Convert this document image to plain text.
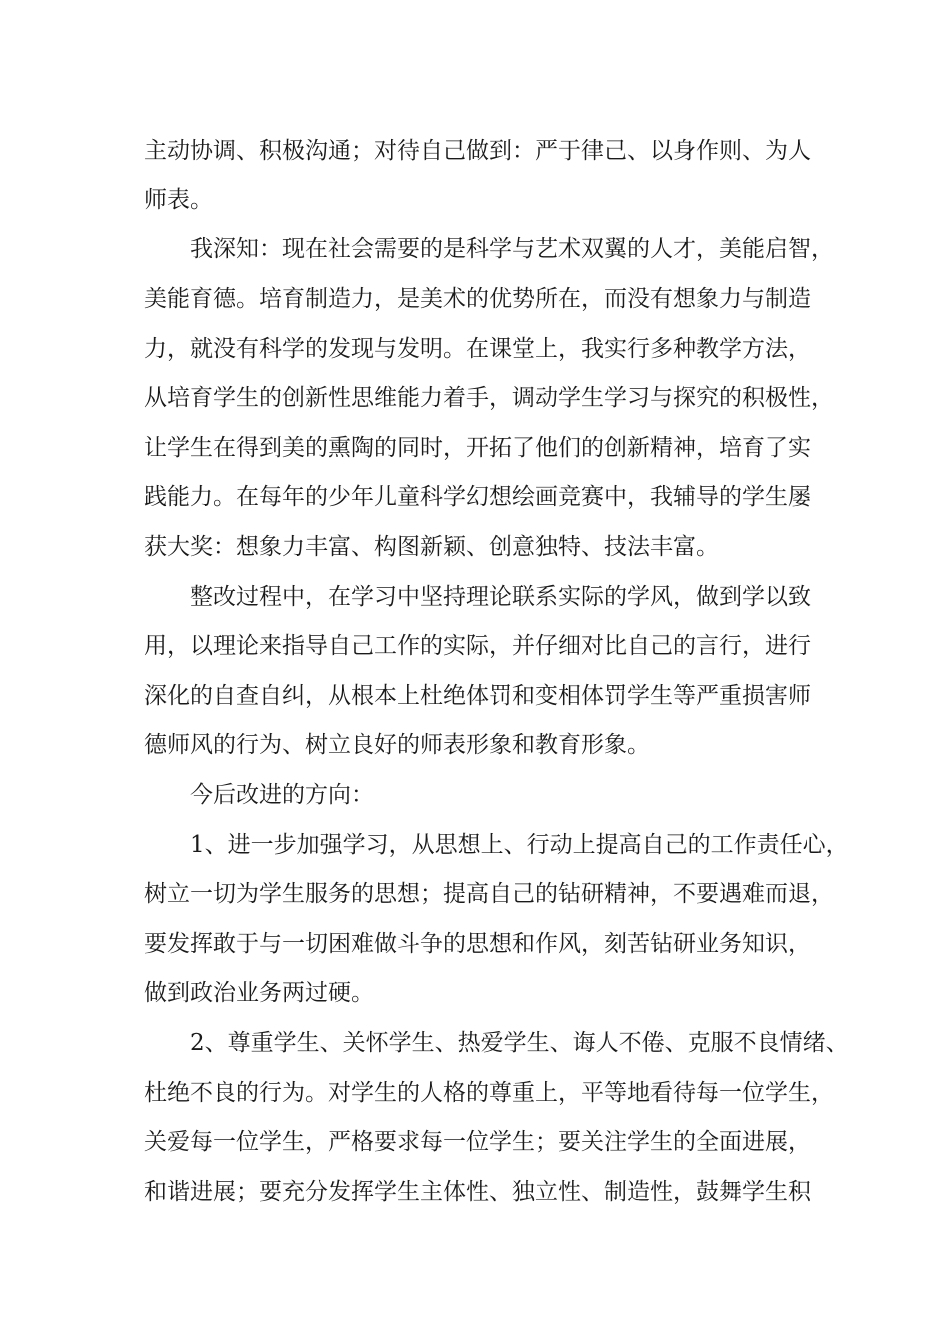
主动协调、积极沟通；对待自己做到：严于律己、以身作则、为人
师表。
我深知：现在社会需要的是科学与艺术双翼的人才，美能启智，
美能育德。培育制造力，是美术的优势所在，而没有想象力与制造
力，就没有科学的发现与发明。在课堂上，我实行多种教学方法，
从培育学生的创新性思维能力着手，调动学生学习与探究的积极性，
让学生在得到美的熏陶的同时，开拓了他们的创新精神，培育了实
践能力。在每年的少年儿童科学幻想绘画竞赛中，我辅导的学生屡
获大奖：想象力丰富、构图新颖、创意独特、技法丰富。
整改过程中，在学习中坚持理论联系实际的学风，做到学以致
用，以理论来指导自己工作的实际，并仔细对比自己的言行，进行
深化的自查自纠，从根本上杜绝体罚和变相体罚学生等严重损害师
德师风的行为、树立良好的师表形象和教育形象。
今后改进的方向：
1、进一步加强学习，从思想上、行动上提高自己的工作责任心，
树立一切为学生服务的思想；提高自己的钻研精神，不要遇难而退，
要发挥敢于与一切困难做斗争的思想和作风，刻苦钻研业务知识，
做到政治业务两过硬。
2、尊重学生、关怀学生、热爱学生、诲人不倦、克服不良情绪、
杜绝不良的行为。对学生的人格的尊重上，平等地看待每一位学生，
关爱每一位学生，严格要求每一位学生；要关注学生的全面进展，
和谐进展；要充分发挥学生主体性、独立性、制造性，鼓舞学生积
